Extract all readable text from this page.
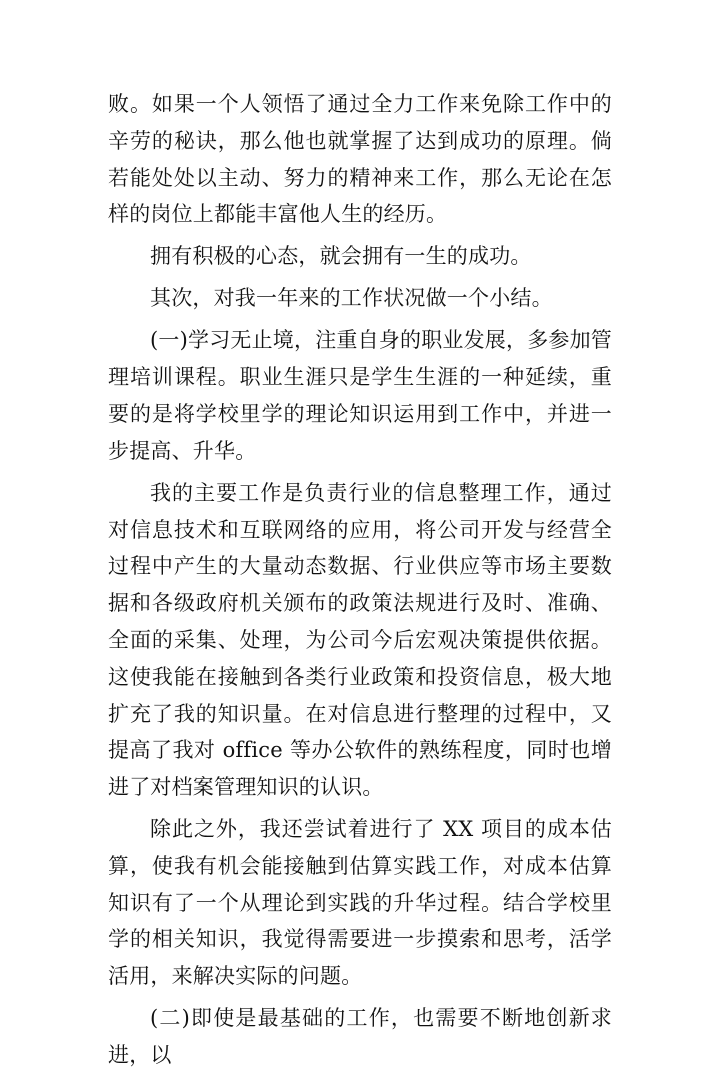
败。如果一个人领悟了通过全力工作来免除工作中的辛劳的秘诀，那么他也就掌握了达到成功的原理。倘若能处处以主动、努力的精神来工作，那么无论在怎样的岗位上都能丰富他人生的经历。

拥有积极的心态，就会拥有一生的成功。

其次，对我一年来的工作状况做一个小结。

(一)学习无止境，注重自身的职业发展，多参加管理培训课程。职业生涯只是学生生涯的一种延续，重要的是将学校里学的理论知识运用到工作中，并进一步提高、升华。

我的主要工作是负责行业的信息整理工作，通过对信息技术和互联网络的应用，将公司开发与经营全过程中产生的大量动态数据、行业供应等市场主要数据和各级政府机关颁布的政策法规进行及时、准确、全面的采集、处理，为公司今后宏观决策提供依据。这使我能在接触到各类行业政策和投资信息，极大地扩充了我的知识量。在对信息进行整理的过程中，又提高了我对 office 等办公软件的熟练程度，同时也增进了对档案管理知识的认识。

除此之外，我还尝试着进行了 XX 项目的成本估算，使我有机会能接触到估算实践工作，对成本估算知识有了一个从理论到实践的升华过程。结合学校里学的相关知识，我觉得需要进一步摸索和思考，活学活用，来解决实际的问题。

(二)即使是最基础的工作，也需要不断地创新求进，以
